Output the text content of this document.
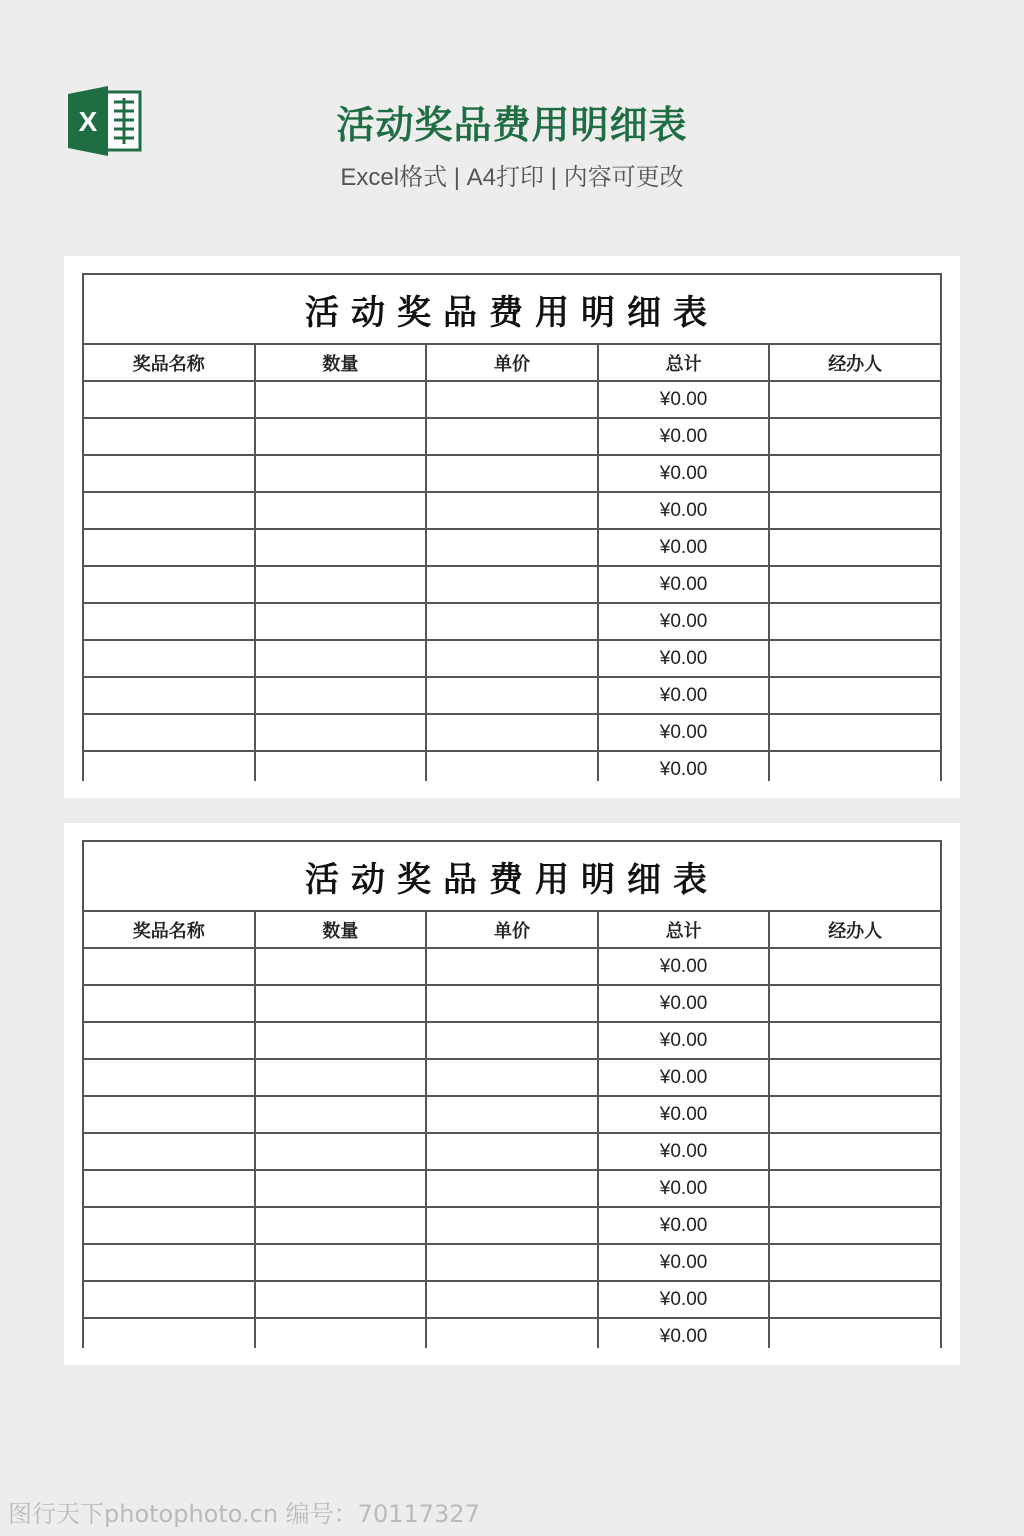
X	活动奖品费用明细表
Excel格式 | A4打印 | 内容可更改
活动奖品费用明细表				
奖品名称	数量	单价	总计	经办人
			¥0.00	
			¥0.00	
			¥0.00	
			¥0.00	
			¥0.00	
			¥0.00	
			¥0.00	
			¥0.00	
			¥0.00	
			¥0.00	
			¥0.00	
活动奖品费用明细表				
奖品名称	数量	单价	总计	经办人
			¥0.00	
			¥0.00	
			¥0.00	
			¥0.00	
			¥0.00	
			¥0.00	
			¥0.00	
			¥0.00	
			¥0.00	
			¥0.00	
			¥0.00	
图行天下photophoto.cn 编号：70117327
